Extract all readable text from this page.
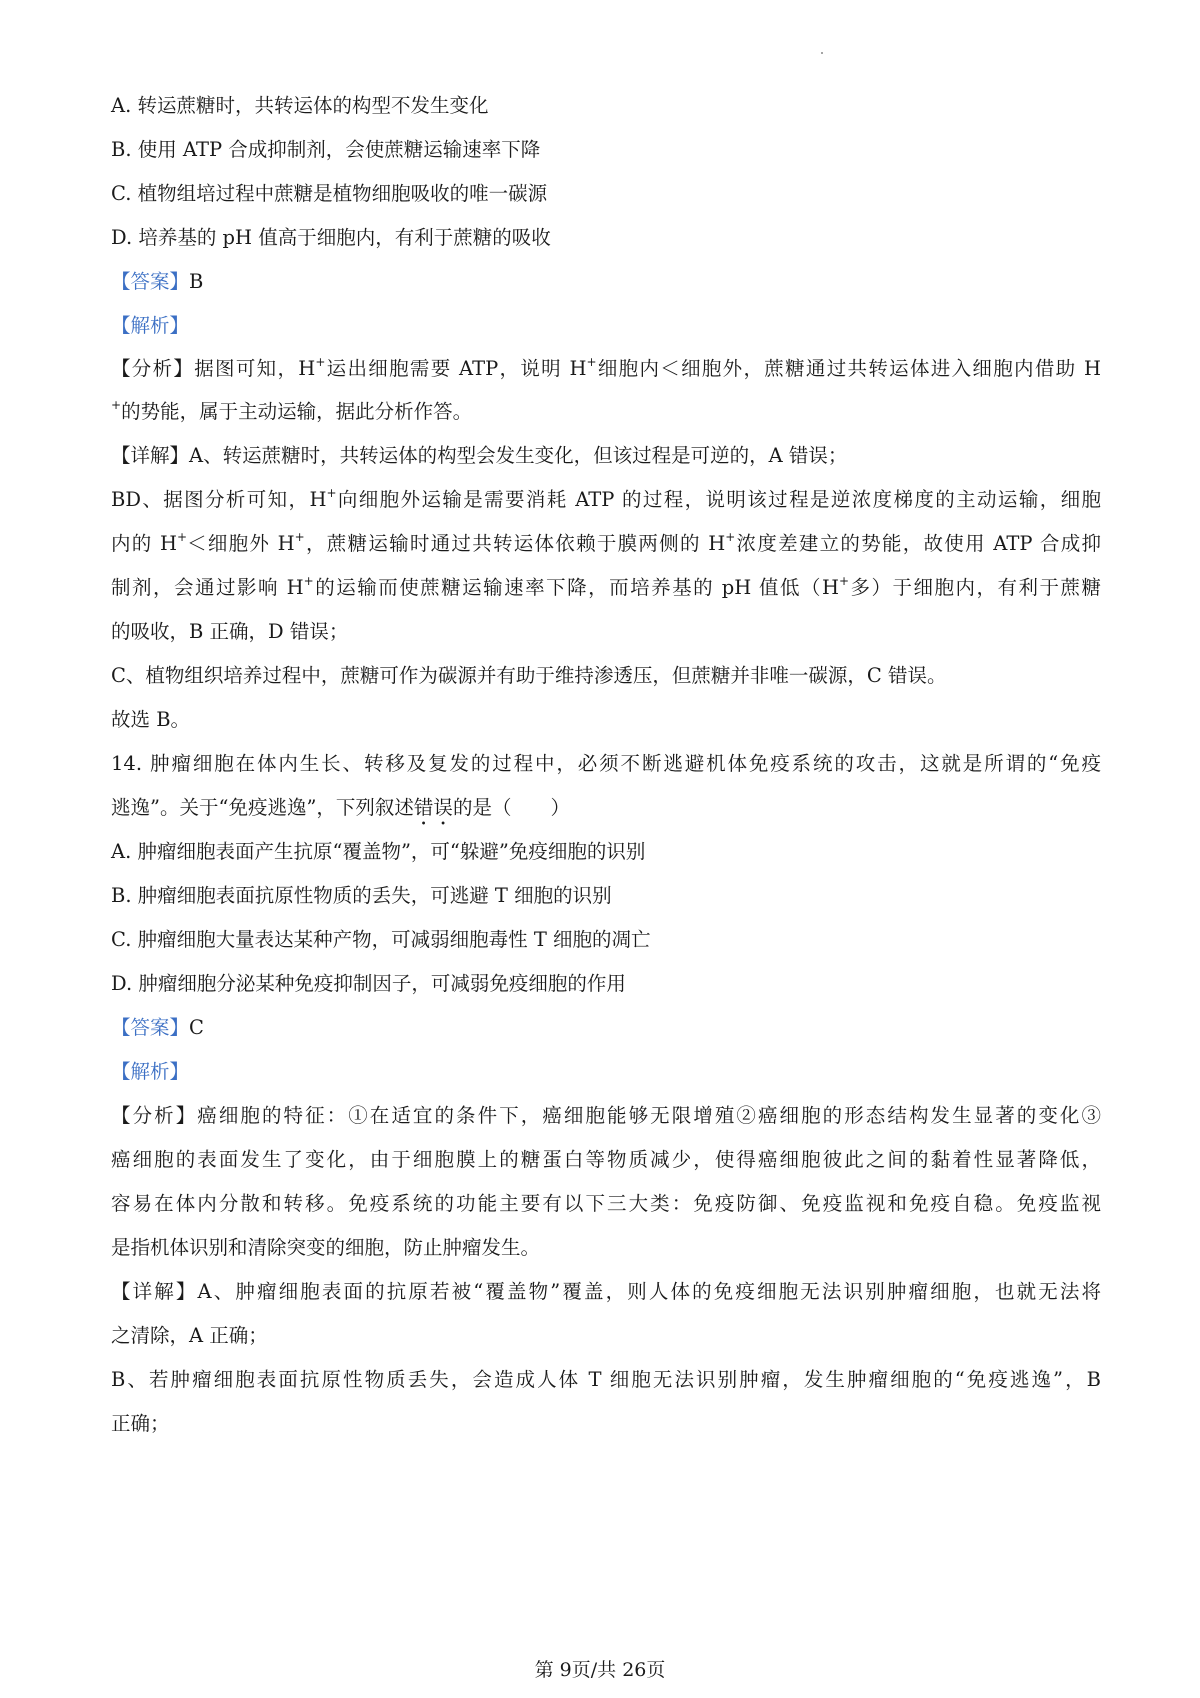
A. 转运蔗糖时，共转运体的构型不发生变化
B. 使用 ATP 合成抑制剂，会使蔗糖运输速率下降
C. 植物组培过程中蔗糖是植物细胞吸收的唯一碳源
D. 培养基的 pH 值高于细胞内，有利于蔗糖的吸收
【答案】B
【解析】
【分析】据图可知，H+运出细胞需要 ATP，说明 H+细胞内＜细胞外，蔗糖通过共转运体进入细胞内借助 H
+的势能，属于主动运输，据此分析作答。
【详解】A、转运蔗糖时，共转运体的构型会发生变化，但该过程是可逆的，A 错误；
BD、据图分析可知，H+向细胞外运输是需要消耗 ATP 的过程，说明该过程是逆浓度梯度的主动运输，细胞
内的 H+＜细胞外 H+，蔗糖运输时通过共转运体依赖于膜两侧的 H+浓度差建立的势能，故使用 ATP 合成抑
制剂，会通过影响 H+的运输而使蔗糖运输速率下降，而培养基的 pH 值低（H+多）于细胞内，有利于蔗糖
的吸收，B 正确，D 错误；
C、植物组织培养过程中，蔗糖可作为碳源并有助于维持渗透压，但蔗糖并非唯一碳源，C 错误。
故选 B。
14. 肿瘤细胞在体内生长、转移及复发的过程中，必须不断逃避机体免疫系统的攻击，这就是所谓的“免疫
逃逸”。关于“免疫逃逸”，下列叙述错误的是（　　）
A. 肿瘤细胞表面产生抗原“覆盖物”，可“躲避”免疫细胞的识别
B. 肿瘤细胞表面抗原性物质的丢失，可逃避 T 细胞的识别
C. 肿瘤细胞大量表达某种产物，可减弱细胞毒性 T 细胞的凋亡
D. 肿瘤细胞分泌某种免疫抑制因子，可减弱免疫细胞的作用
【答案】C
【解析】
【分析】癌细胞的特征：①在适宜的条件下，癌细胞能够无限增殖②癌细胞的形态结构发生显著的变化③
癌细胞的表面发生了变化，由于细胞膜上的糖蛋白等物质减少，使得癌细胞彼此之间的黏着性显著降低，
容易在体内分散和转移。免疫系统的功能主要有以下三大类：免疫防御、免疫监视和免疫自稳。免疫监视
是指机体识别和清除突变的细胞，防止肿瘤发生。
【详解】A、肿瘤细胞表面的抗原若被“覆盖物”覆盖，则人体的免疫细胞无法识别肿瘤细胞，也就无法将
之清除，A 正确；
B、若肿瘤细胞表面抗原性物质丢失，会造成人体 T 细胞无法识别肿瘤，发生肿瘤细胞的“免疫逃逸”，B
正确；
第 9页/共 26页
